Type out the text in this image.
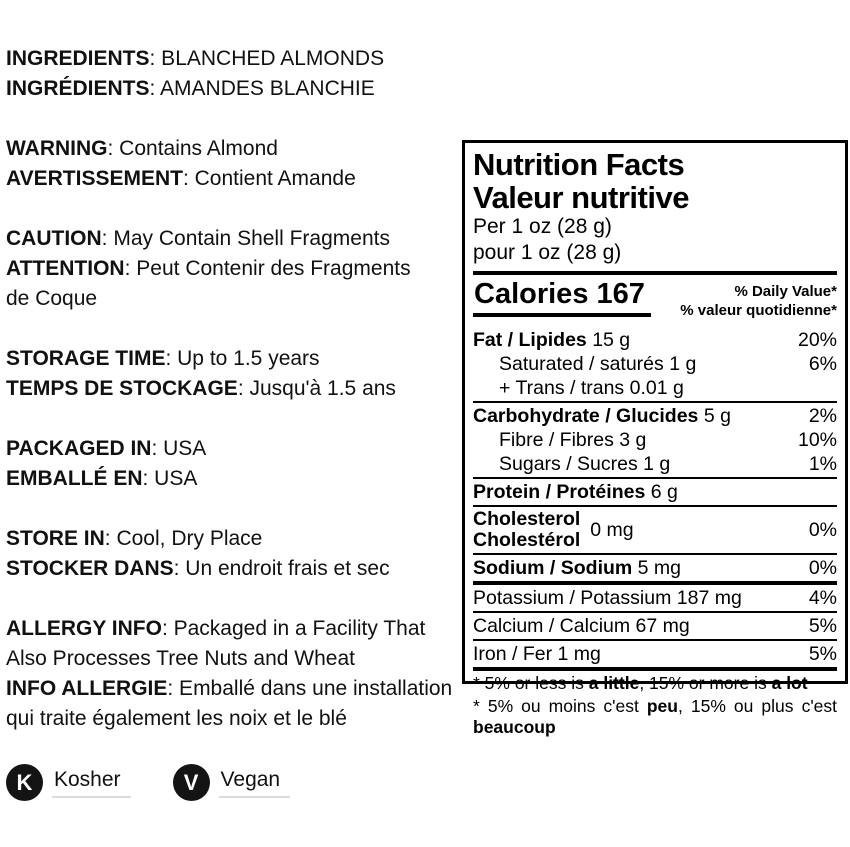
INGREDIENTS: BLANCHED ALMONDS
INGRÉDIENTS: AMANDES BLANCHIE
WARNING: Contains Almond
AVERTISSEMENT: Contient Amande
CAUTION: May Contain Shell Fragments
ATTENTION: Peut Contenir des Fragments
de Coque
STORAGE TIME: Up to 1.5 years
TEMPS DE STOCKAGE: Jusqu'à 1.5 ans
PACKAGED IN: USA
EMBALLÉ EN: USA
STORE IN: Cool, Dry Place
STOCKER DANS: Un endroit frais et sec
ALLERGY INFO: Packaged in a Facility That
Also Processes Tree Nuts and Wheat
INFO ALLERGIE: Emballé dans une installation
qui traite également les noix et le blé
K	Kosher	V	Vegan
Nutrition Facts
Valeur nutritive
Per 1 oz (28 g)
pour 1 oz (28 g)
Calories 167	% Daily Value*
% valeur quotidienne*
Fat / Lipides 15 g	20%
Saturated / saturés 1 g	6%
+ Trans / trans 0.01 g
Carbohydrate / Glucides 5 g	2%
Fibre / Fibres 3 g	10%
Sugars / Sucres 1 g	1%
Protein / Protéines 6 g
Cholesterol
Cholestérol 0 mg	0%
Sodium / Sodium 5 mg	0%
Potassium / Potassium 187 mg	4%
Calcium / Calcium 67 mg	5%
Iron / Fer 1 mg	5%
* 5% or less is a little, 15% or more is a lot
* 5% ou moins c'est peu, 15% ou plus c'est beaucoup
